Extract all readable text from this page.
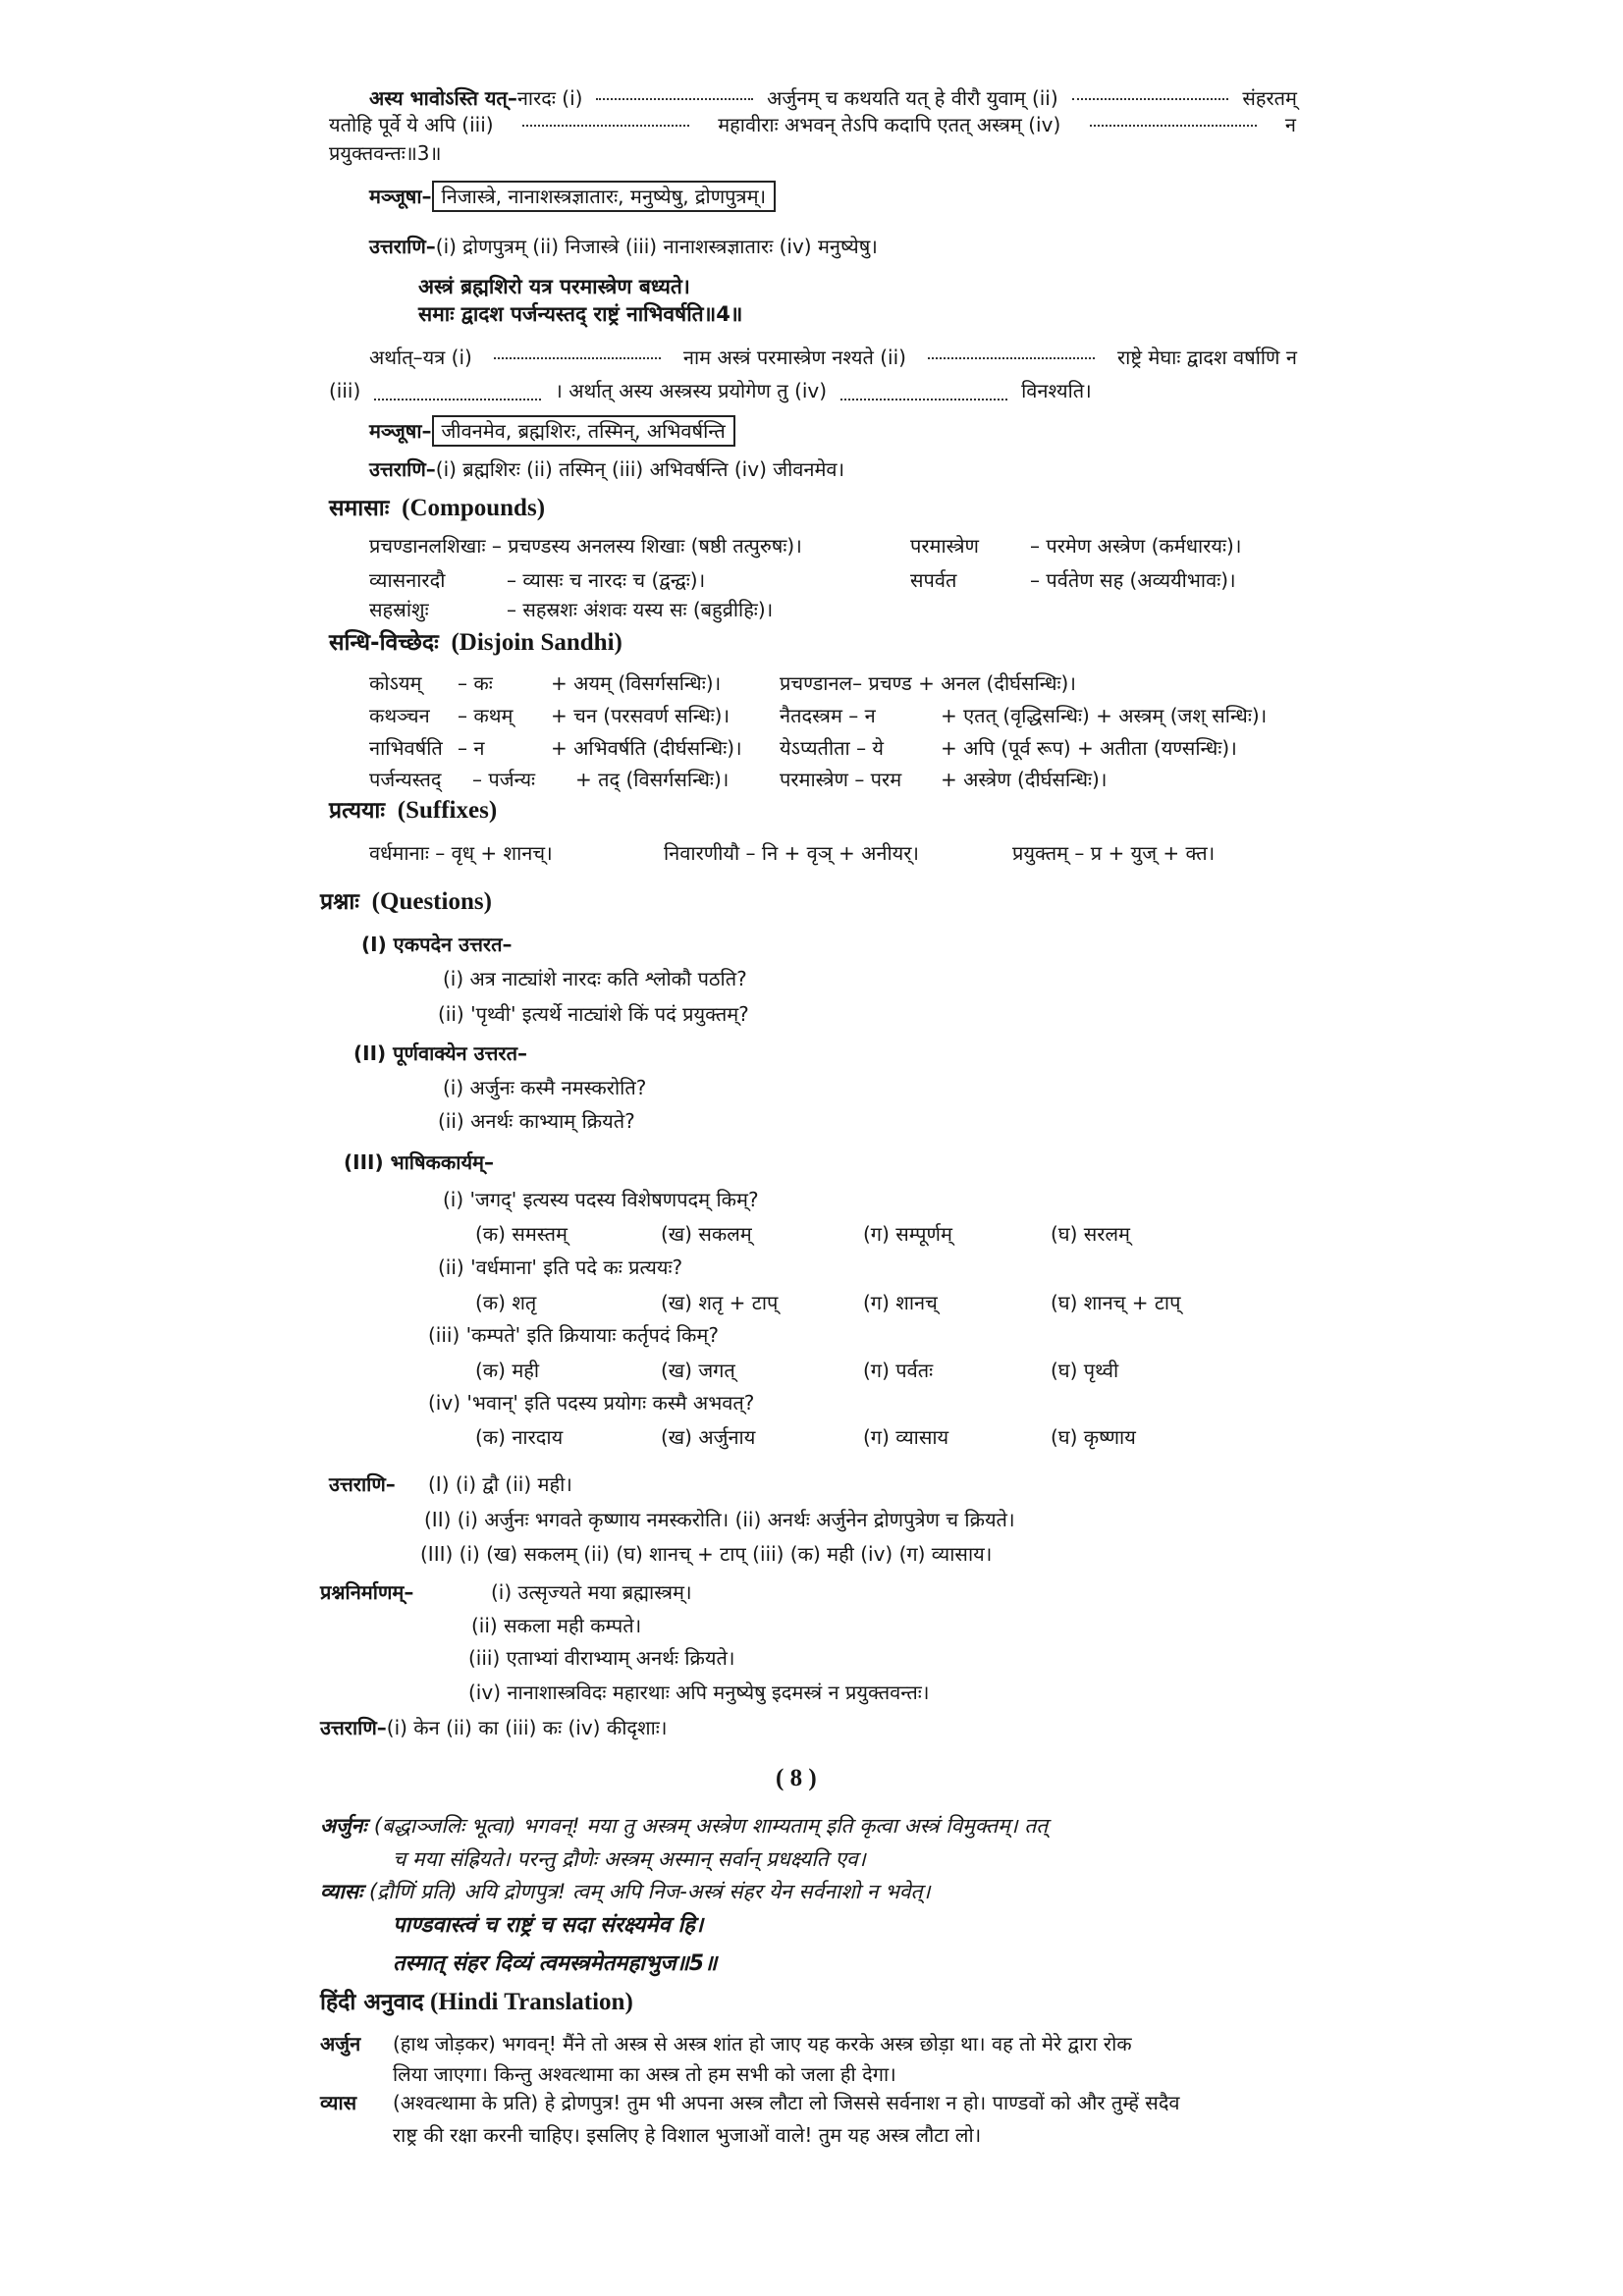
अस्य भावोऽस्ति यत्–नारदः (i)	अर्जुनम् च कथयति यत् हे वीरौ युवाम् (ii)	संहरतम्
यतोहि पूर्वे ये अपि (iii)	महावीराः अभवन् तेऽपि कदापि एतत् अस्त्रम् (iv)	न
प्रयुक्तवन्तः॥3॥
मञ्जूषा– निजास्त्रे, नानाशस्त्रज्ञातारः, मनुष्येषु, द्रोणपुत्रम्।
उत्तराणि–(i) द्रोणपुत्रम् (ii) निजास्त्रे (iii) नानाशस्त्रज्ञातारः (iv) मनुष्येषु।
अस्त्रं ब्रह्मशिरो यत्र परमास्त्रेण बध्यते।
समाः द्वादश पर्जन्यस्तद् राष्ट्रं नाभिवर्षति॥4॥
अर्थात्–यत्र (i)	नाम अस्त्रं परमास्त्रेण नश्यते (ii)	राष्ट्रे मेघाः द्वादश वर्षाणि न
(iii)	। अर्थात् अस्य अस्त्रस्य प्रयोगेण तु (iv)	विनश्यति।
मञ्जूषा– जीवनमेव, ब्रह्मशिरः, तस्मिन्, अभिवर्षन्ति
उत्तराणि–(i) ब्रह्मशिरः (ii) तस्मिन् (iii) अभिवर्षन्ति (iv) जीवनमेव।
समासाः (Compounds)
प्रचण्डानलशिखाः – प्रचण्डस्य अनलस्य शिखाः (षष्ठी तत्पुरुषः)।	परमास्त्रेण	– परमेण अस्त्रेण (कर्मधारयः)।
व्यासनारदौ	– व्यासः च नारदः च (द्वन्द्वः)।	सपर्वत	– पर्वतेण सह (अव्ययीभावः)।
सहस्रांशुः	– सहस्रशः अंशवः यस्य सः (बहुव्रीहिः)।
सन्धि-विच्छेदः (Disjoin Sandhi)
कोऽयम् – कः	+ अयम् (विसर्गसन्धिः)।	प्रचण्डानल– प्रचण्ड + अनल (दीर्घसन्धिः)।
कथञ्चन – कथम् + चन (परसवर्ण सन्धिः)।	नैतदस्त्रम – न	+ एतत् (वृद्धिसन्धिः) + अस्त्रम् (जश् सन्धिः)।
नाभिवर्षति – न	+ अभिवर्षति (दीर्घसन्धिः)। येऽप्यतीता – ये	+ अपि (पूर्व रूप) + अतीता (यण्सन्धिः)।
पर्जन्यस्तद् – पर्जन्यः + तद् (विसर्गसन्धिः)।	परमास्त्रेण – परम + अस्त्रेण (दीर्घसन्धिः)।
प्रत्ययाः (Suffixes)
वर्धमानाः – वृध् + शानच्।	निवारणीयौ – नि + वृञ् + अनीयर्।	प्रयुक्तम् – प्र + युज् + क्त।
प्रश्नाः (Questions)
(I) एकपदेन उत्तरत–
(i) अत्र नाट्यांशे नारदः कति श्लोकौ पठति?
(ii) 'पृथ्वी' इत्यर्थे नाट्यांशे किं पदं प्रयुक्तम्?
(II) पूर्णवाक्येन उत्तरत–
(i) अर्जुनः कस्मै नमस्करोति?
(ii) अनर्थः काभ्याम् क्रियते?
(III) भाषिककार्यम्–
(i) 'जगद्' इत्यस्य पदस्य विशेषणपदम् किम्?
(क) समस्तम्	(ख) सकलम्	(ग) सम्पूर्णम्	(घ) सरलम्
(ii) 'वर्धमाना' इति पदे कः प्रत्ययः?
(क) शतृ	(ख) शतृ + टाप्	(ग) शानच्	(घ) शानच् + टाप्
(iii) 'कम्पते' इति क्रियायाः कर्तृपदं किम्?
(क) मही	(ख) जगत्	(ग) पर्वतः	(घ) पृथ्वी
(iv) 'भवान्' इति पदस्य प्रयोगः कस्मै अभवत्?
(क) नारदाय	(ख) अर्जुनाय	(ग) व्यासाय	(घ) कृष्णाय
उत्तराणि– (I) (i) द्वौ (ii) मही।
(II) (i) अर्जुनः भगवते कृष्णाय नमस्करोति। (ii) अनर्थः अर्जुनेन द्रोणपुत्रेण च क्रियते।
(III) (i) (ख) सकलम् (ii) (घ) शानच् + टाप् (iii) (क) मही (iv) (ग) व्यासाय।
प्रश्ननिर्माणम्–	(i) उत्सृज्यते मया ब्रह्मास्त्रम्।
(ii) सकला मही कम्पते।
(iii) एताभ्यां वीराभ्याम् अनर्थः क्रियते।
(iv) नानाशास्त्रविदः महारथाः अपि मनुष्येषु इदमस्त्रं न प्रयुक्तवन्तः।
उत्तराणि–(i) केन (ii) का (iii) कः (iv) कीदृशाः।
( 8 )
अर्जुनः (बद्धाञ्जलिः भूत्वा) भगवन्! मया तु अस्त्रम् अस्त्रेण शाम्यताम् इति कृत्वा अस्त्रं विमुक्तम्। तत्
च मया संह्रियते। परन्तु द्रौणेः अस्त्रम् अस्मान् सर्वान् प्रधक्ष्यति एव।
व्यासः (द्रौणिं प्रति) अयि द्रोणपुत्र! त्वम् अपि निज-अस्त्रं संहर येन सर्वनाशो न भवेत्।
पाण्डवास्त्वं च राष्ट्रं च सदा संरक्ष्यमेव हि।
तस्मात् संहर दिव्यं त्वमस्त्रमेतमहाभुज॥5॥
हिंदी अनुवाद (Hindi Translation)
अर्जुन (हाथ जोड़कर) भगवन्! मैंने तो अस्त्र से अस्त्र शांत हो जाए यह करके अस्त्र छोड़ा था। वह तो मेरे द्वारा रोक
लिया जाएगा। किन्तु अश्वत्थामा का अस्त्र तो हम सभी को जला ही देगा।
व्यास (अश्वत्थामा के प्रति) हे द्रोणपुत्र! तुम भी अपना अस्त्र लौटा लो जिससे सर्वनाश न हो। पाण्डवों को और तुम्हें सदैव
राष्ट्र की रक्षा करनी चाहिए। इसलिए हे विशाल भुजाओं वाले! तुम यह अस्त्र लौटा लो।
